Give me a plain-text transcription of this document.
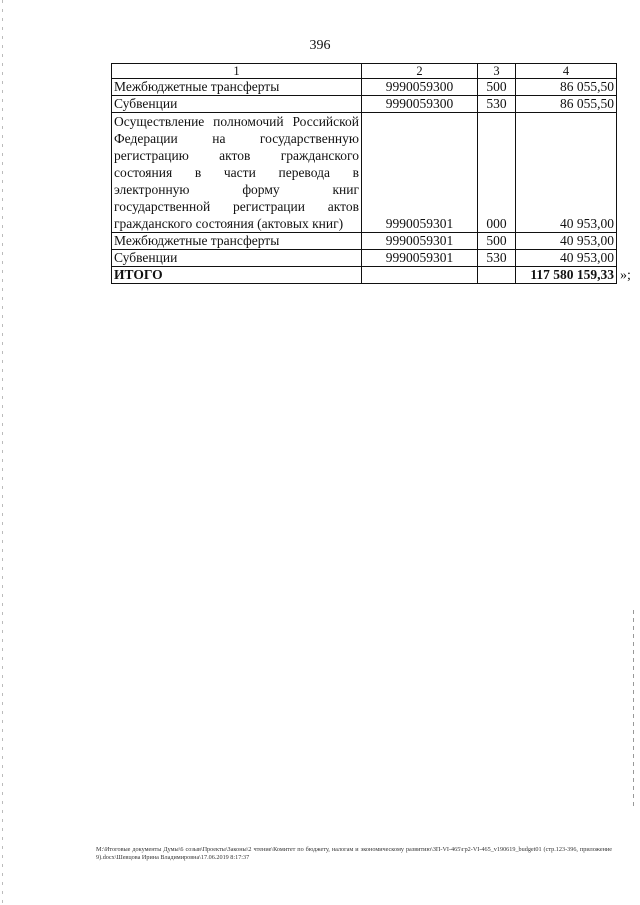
396
1	2	3	4
Межбюджетные трансферты	9990059300	500	86 055,50
Субвенции	9990059300	530	86 055,50
Осуществление полномочий Российской Федерации на государственную регистрацию актов гражданского состояния в части перевода в электронную форму книг государственной регистрации актов гражданского состояния (актовых книг)	9990059301	000	40 953,00
Межбюджетные трансферты	9990059301	500	40 953,00
Субвенции	9990059301	530	40 953,00
ИТОГО			117 580 159,33 »;
М:\Итоговые документы Думы\6 созыв\Проекты\Законы\2 чтение\Комитет по бюджету, налогам и экономическому развитию\ЗП-VI-465\гр2-VI-465_v190619_budget01 (стр.123-396, приложение 9).docx\Шевцова Ирина Владимировна\17.06.2019 8:17:37
